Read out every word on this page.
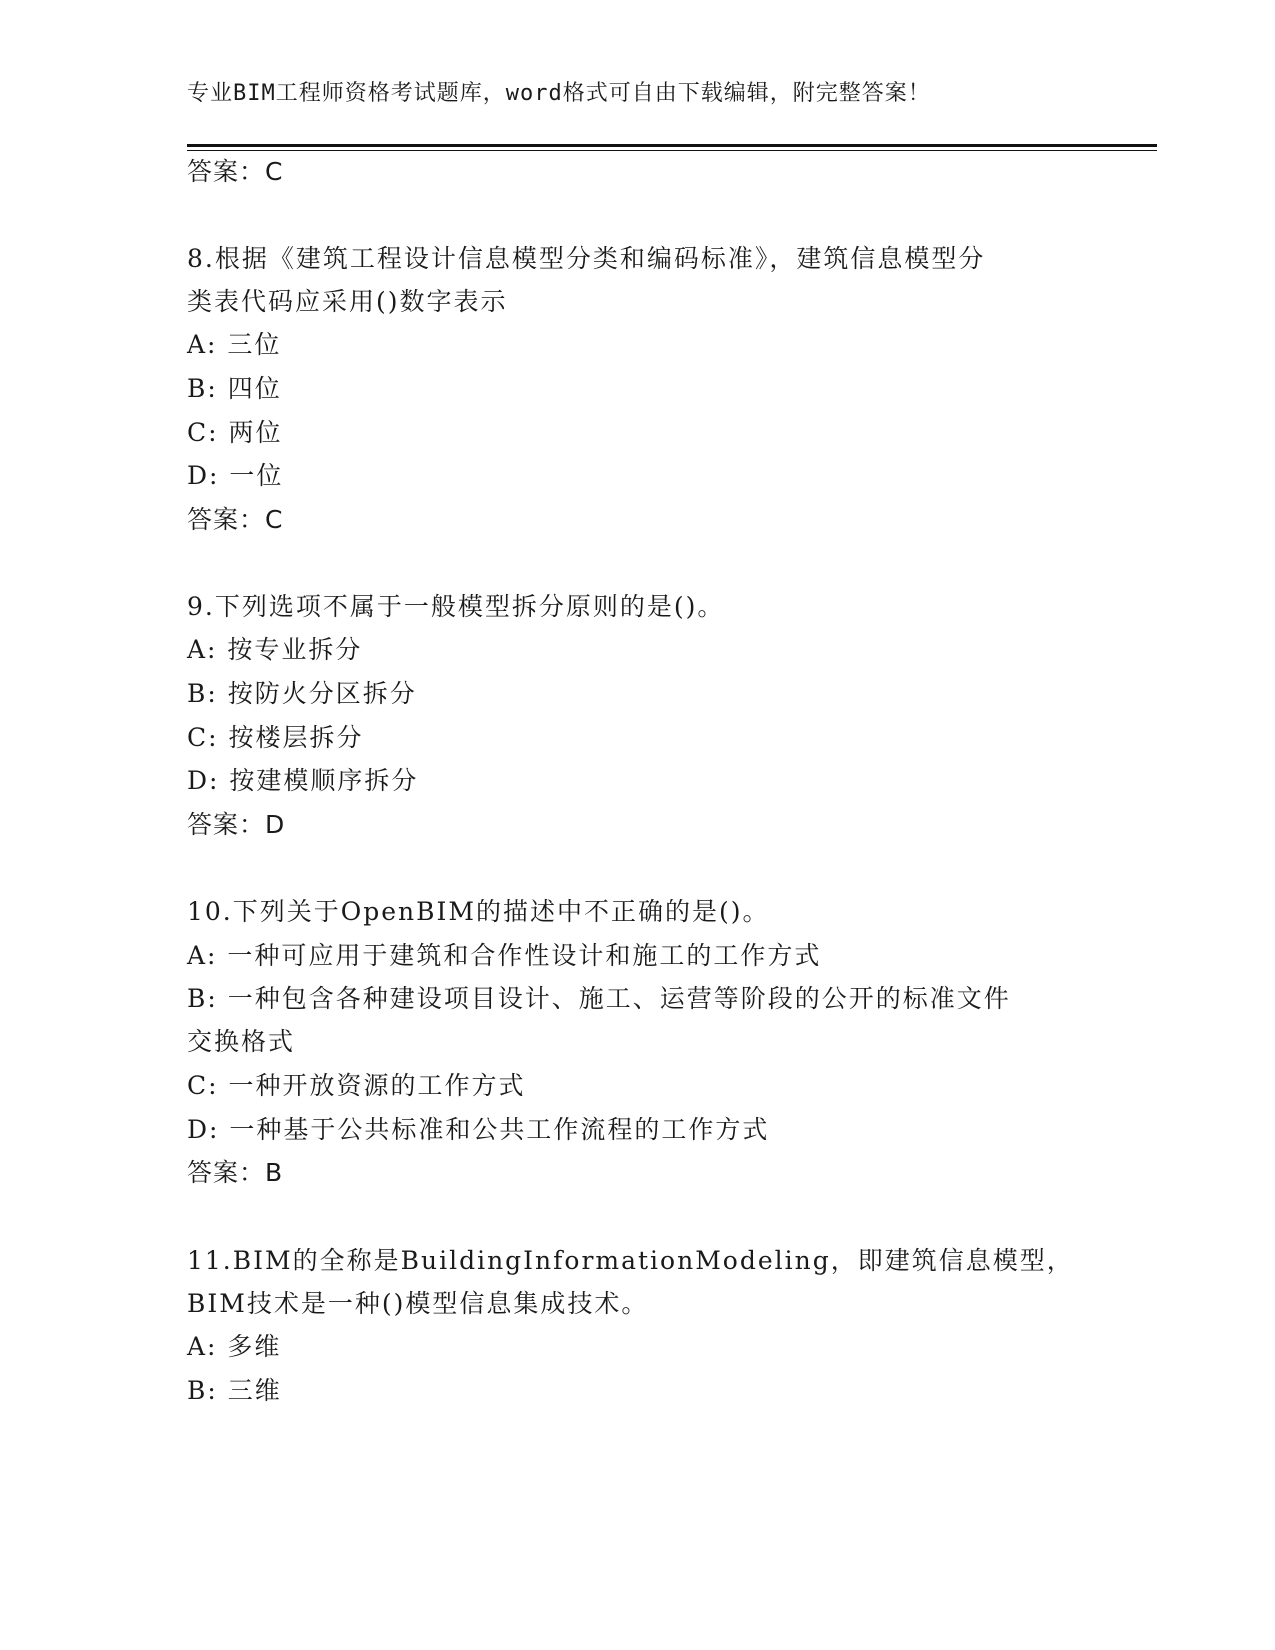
专业BIM工程师资格考试题库，word格式可自由下载编辑，附完整答案！
答案：C
8.根据《建筑工程设计信息模型分类和编码标准》，建筑信息模型分
类表代码应采用()数字表示
A: 三位
B: 四位
C: 两位
D: 一位
答案：C
9.下列选项不属于一般模型拆分原则的是()。
A: 按专业拆分
B: 按防火分区拆分
C: 按楼层拆分
D: 按建模顺序拆分
答案：D
10.下列关于OpenBIM的描述中不正确的是()。
A: 一种可应用于建筑和合作性设计和施工的工作方式
B: 一种包含各种建设项目设计、施工、运营等阶段的公开的标准文件
交换格式
C: 一种开放资源的工作方式
D: 一种基于公共标准和公共工作流程的工作方式
答案：B
11.BIM的全称是BuildingInformationModeling，即建筑信息模型，
BIM技术是一种()模型信息集成技术。
A: 多维
B: 三维
